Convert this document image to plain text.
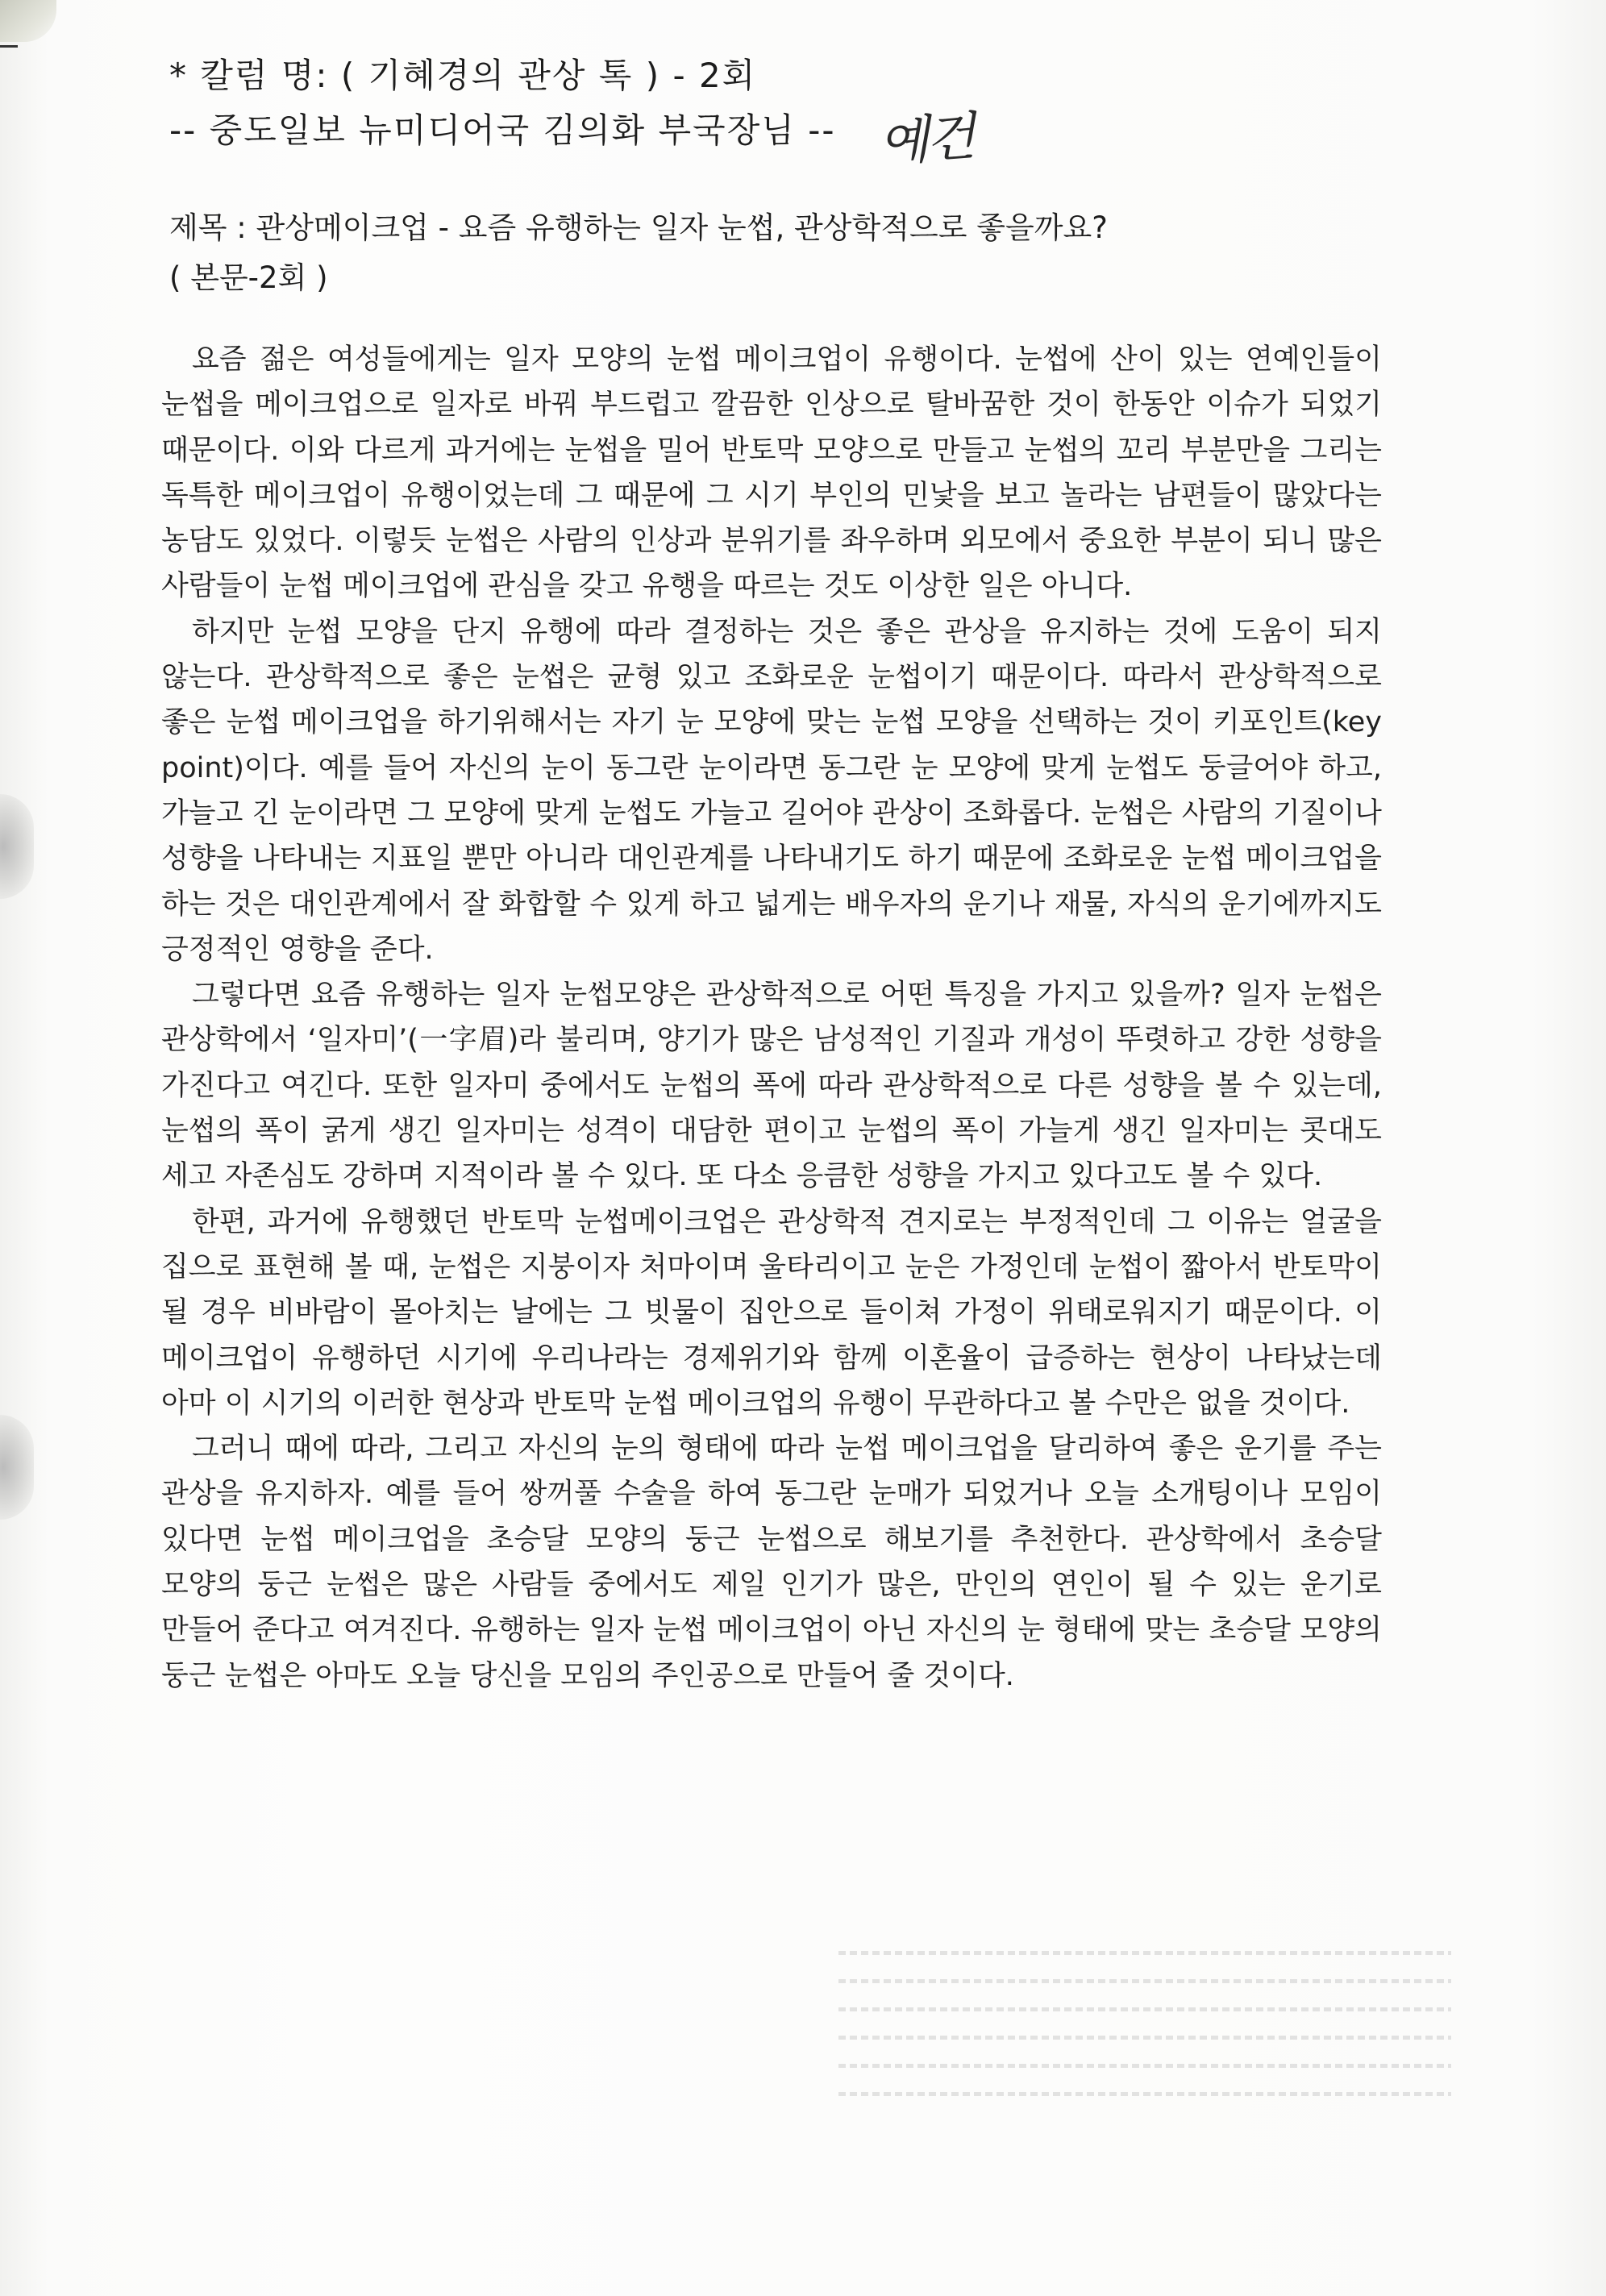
* 칼럼 명: ( 기혜경의 관상 톡 ) - 2회
-- 중도일보 뉴미디어국 김의화 부국장님 -- 예건
제목 : 관상메이크업 - 요즘 유행하는 일자 눈썹, 관상학적으로 좋을까요?
( 본문-2회 )

요즘 젊은 여성들에게는 일자 모양의 눈썹 메이크업이 유행이다. 눈썹에 산이 있는 연예인들이 눈썹을 메이크업으로 일자로 바꿔 부드럽고 깔끔한 인상으로 탈바꿈한 것이 한동안 이슈가 되었기 때문이다. 이와 다르게 과거에는 눈썹을 밀어 반토막 모양으로 만들고 눈썹의 꼬리 부분만을 그리는 독특한 메이크업이 유행이었는데 그 때문에 그 시기 부인의 민낯을 보고 놀라는 남편들이 많았다는 농담도 있었다. 이렇듯 눈썹은 사람의 인상과 분위기를 좌우하며 외모에서 중요한 부분이 되니 많은 사람들이 눈썹 메이크업에 관심을 갖고 유행을 따르는 것도 이상한 일은 아니다.

하지만 눈썹 모양을 단지 유행에 따라 결정하는 것은 좋은 관상을 유지하는 것에 도움이 되지 않는다. 관상학적으로 좋은 눈썹은 균형 있고 조화로운 눈썹이기 때문이다. 따라서 관상학적으로 좋은 눈썹 메이크업을 하기위해서는 자기 눈 모양에 맞는 눈썹 모양을 선택하는 것이 키포인트(key point)이다. 예를 들어 자신의 눈이 동그란 눈이라면 동그란 눈 모양에 맞게 눈썹도 둥글어야 하고, 가늘고 긴 눈이라면 그 모양에 맞게 눈썹도 가늘고 길어야 관상이 조화롭다. 눈썹은 사람의 기질이나 성향을 나타내는 지표일 뿐만 아니라 대인관계를 나타내기도 하기 때문에 조화로운 눈썹 메이크업을 하는 것은 대인관계에서 잘 화합할 수 있게 하고 넓게는 배우자의 운기나 재물, 자식의 운기에까지도 긍정적인 영향을 준다.

그렇다면 요즘 유행하는 일자 눈썹모양은 관상학적으로 어떤 특징을 가지고 있을까? 일자 눈썹은 관상학에서 ‘일자미’(一字眉)라 불리며, 양기가 많은 남성적인 기질과 개성이 뚜렷하고 강한 성향을 가진다고 여긴다. 또한 일자미 중에서도 눈썹의 폭에 따라 관상학적으로 다른 성향을 볼 수 있는데, 눈썹의 폭이 굵게 생긴 일자미는 성격이 대담한 편이고 눈썹의 폭이 가늘게 생긴 일자미는 콧대도 세고 자존심도 강하며 지적이라 볼 수 있다. 또 다소 응큼한 성향을 가지고 있다고도 볼 수 있다.

한편, 과거에 유행했던 반토막 눈썹메이크업은 관상학적 견지로는 부정적인데 그 이유는 얼굴을 집으로 표현해 볼 때, 눈썹은 지붕이자 처마이며 울타리이고 눈은 가정인데 눈썹이 짧아서 반토막이 될 경우 비바람이 몰아치는 날에는 그 빗물이 집안으로 들이쳐 가정이 위태로워지기 때문이다. 이 메이크업이 유행하던 시기에 우리나라는 경제위기와 함께 이혼율이 급증하는 현상이 나타났는데 아마 이 시기의 이러한 현상과 반토막 눈썹 메이크업의 유행이 무관하다고 볼 수만은 없을 것이다.

그러니 때에 따라, 그리고 자신의 눈의 형태에 따라 눈썹 메이크업을 달리하여 좋은 운기를 주는 관상을 유지하자. 예를 들어 쌍꺼풀 수술을 하여 동그란 눈매가 되었거나 오늘 소개팅이나 모임이 있다면 눈썹 메이크업을 초승달 모양의 둥근 눈썹으로 해보기를 추천한다. 관상학에서 초승달 모양의 둥근 눈썹은 많은 사람들 중에서도 제일 인기가 많은, 만인의 연인이 될 수 있는 운기로 만들어 준다고 여겨진다. 유행하는 일자 눈썹 메이크업이 아닌 자신의 눈 형태에 맞는 초승달 모양의 둥근 눈썹은 아마도 오늘 당신을 모임의 주인공으로 만들어 줄 것이다.
